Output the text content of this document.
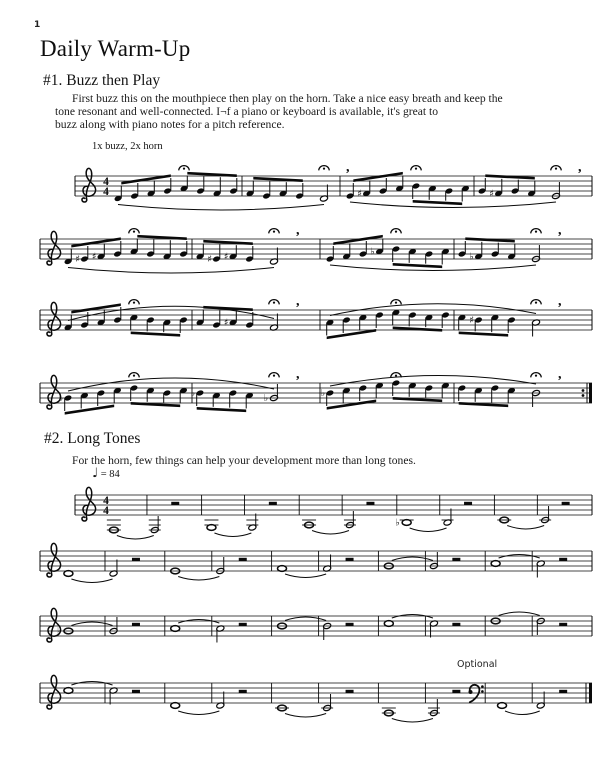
1
Daily Warm-Up
#1. Buzz then Play
First buzz this on the mouthpiece then play on the horn. Take a nice easy breath and keep the
tone resonant and well-connected. I¬f a piano or keyboard is available, it's great to
buzz along with piano notes for a pitch reference.
1x buzz, 2x horn
#2. Long Tones
For the horn, few things can help your development more than long tones.
♩ = 84
Optional
4
4
,
♯	♯
,
♯ ♯	♯ ♯
,
♭	♭
,
♯
,
♯
,
♭	♭	♭
,
♭
,
4
4
♭
♭
